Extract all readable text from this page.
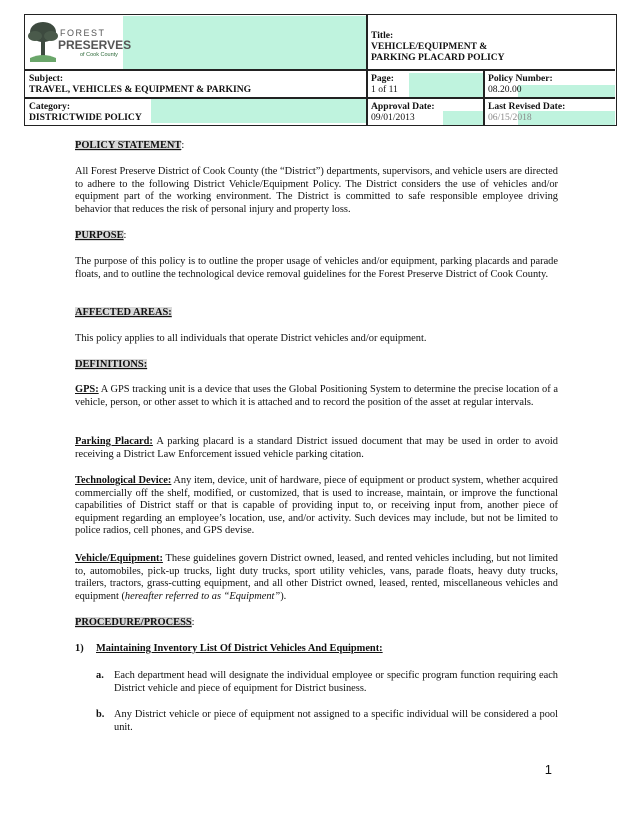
FOREST
PRESERVES
of Cook County
Title:
VEHICLE/EQUIPMENT &
PARKING PLACARD POLICY
Subject:
TRAVEL, VEHICLES & EQUIPMENT & PARKING
Page:
1 of 11
Policy Number:
08.20.00
Category:
DISTRICTWIDE POLICY
Approval Date:
09/01/2013
Last Revised Date:
06/15/2018
POLICY STATEMENT:
All Forest Preserve District of Cook County (the “District”) departments, supervisors, and vehicle users are directed to adhere to the following District Vehicle/Equipment Policy. The District considers the use of vehicles and/or equipment part of the working environment. The District is committed to safe responsible employee driving behavior that reduces the risk of personal injury and property loss.
PURPOSE:
The purpose of this policy is to outline the proper usage of vehicles and/or equipment, parking placards and parade floats, and to outline the technological device removal guidelines for the Forest Preserve District of Cook County.
AFFECTED AREAS:
This policy applies to all individuals that operate District vehicles and/or equipment.
DEFINITIONS:
GPS: A GPS tracking unit is a device that uses the Global Positioning System to determine the precise location of a vehicle, person, or other asset to which it is attached and to record the position of the asset at regular intervals.
Parking Placard: A parking placard is a standard District issued document that may be used in order to avoid receiving a District Law Enforcement issued vehicle parking citation.
Technological Device: Any item, device, unit of hardware, piece of equipment or product system, whether acquired commercially off the shelf, modified, or customized, that is used to increase, maintain, or improve the functional capabilities of District staff or that is capable of providing input to, or receiving input from, another piece of equipment regarding an employee’s location, use, and/or activity. Such devices may include, but not be limited to police radios, cell phones, and GPS devise.
Vehicle/Equipment: These guidelines govern District owned, leased, and rented vehicles including, but not limited to, automobiles, pick-up trucks, light duty trucks, sport utility vehicles, vans, parade floats, heavy duty trucks, trailers, tractors, grass-cutting equipment, and all other District owned, leased, rented, miscellaneous vehicles and equipment (hereafter referred to as “Equipment”).
PROCEDURE/PROCESS:
1) Maintaining Inventory List Of District Vehicles And Equipment:
a. Each department head will designate the individual employee or specific program function requiring each District vehicle and piece of equipment for District business.
b. Any District vehicle or piece of equipment not assigned to a specific individual will be considered a pool unit.
1
